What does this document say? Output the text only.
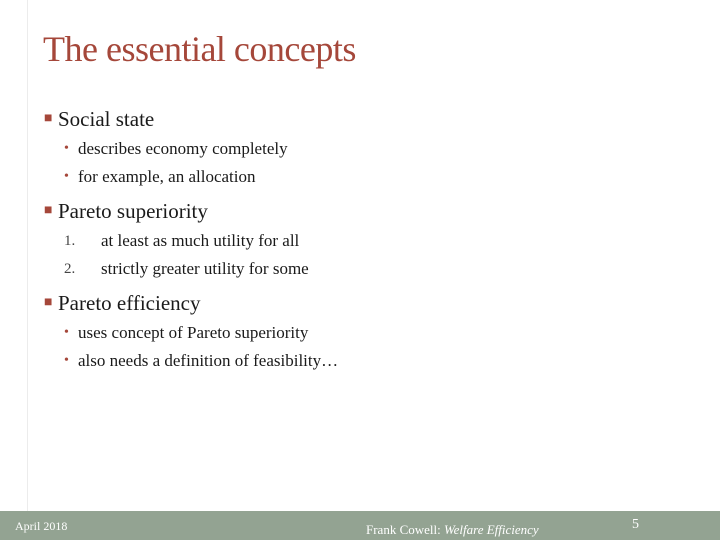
The essential concepts
■ Social state
• describes economy completely
• for example, an allocation
■ Pareto superiority
1.	at least as much utility for all
2.	strictly greater utility for some
■ Pareto efficiency
• uses concept of Pareto superiority
• also needs a definition of feasibility…
April 2018	Frank Cowell: Welfare Efficiency	5
